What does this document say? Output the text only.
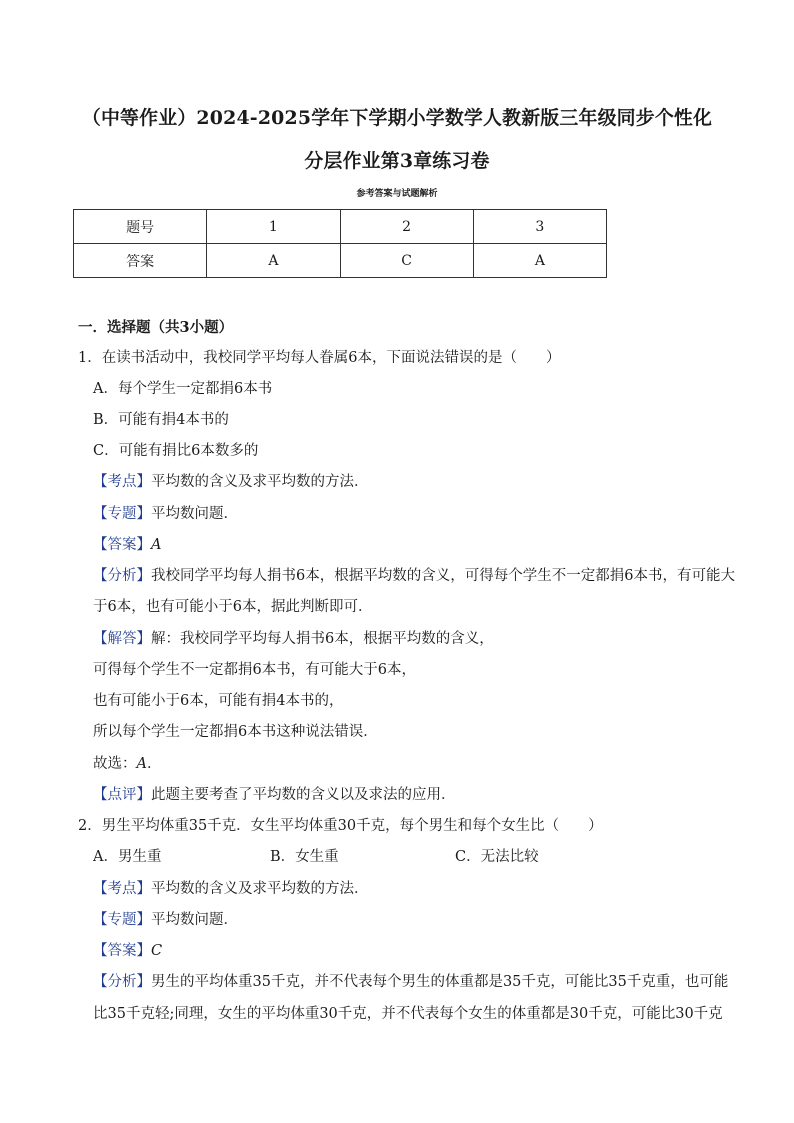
（中等作业）2024-2025学年下学期小学数学人教新版三年级同步个性化
分层作业第3章练习卷
参考答案与试题解析
题号	1	2	3
答案	A	C	A
一．选择题（共3小题）
1．在读书活动中，我校同学平均每人眷属6本，下面说法错误的是（　　）
A．每个学生一定都捐6本书
B．可能有捐4本书的
C．可能有捐比6本数多的
【考点】平均数的含义及求平均数的方法．
【专题】平均数问题．
【答案】A
【分析】我校同学平均每人捐书6本，根据平均数的含义，可得每个学生不一定都捐6本书，有可能大
于6本，也有可能小于6本，据此判断即可．
【解答】解：我校同学平均每人捐书6本，根据平均数的含义，
可得每个学生不一定都捐6本书，有可能大于6本，
也有可能小于6本，可能有捐4本书的，
所以每个学生一定都捐6本书这种说法错误．
故选：A．
【点评】此题主要考查了平均数的含义以及求法的应用．
2．男生平均体重35千克．女生平均体重30千克，每个男生和每个女生比（　　）
A．男生重	B．女生重	C．无法比较
【考点】平均数的含义及求平均数的方法．
【专题】平均数问题．
【答案】C
【分析】男生的平均体重35千克，并不代表每个男生的体重都是35千克，可能比35千克重，也可能
比35千克轻;同理，女生的平均体重30千克，并不代表每个女生的体重都是30千克，可能比30千克
